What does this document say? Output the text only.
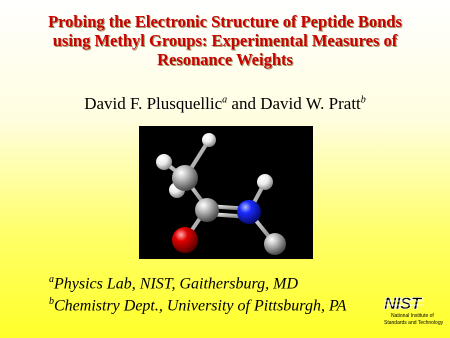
Probing the Electronic Structure of Peptide Bonds
using Methyl Groups: Experimental Measures of
Resonance Weights
David F. Plusquellic$^a$ and David W. Pratt$^b$
$^a$Physics Lab, NIST, Gaithersburg, MD
$^b$Chemistry Dept., University of Pittsburgh, PA NIST
National Institute of
Standards and Technology
